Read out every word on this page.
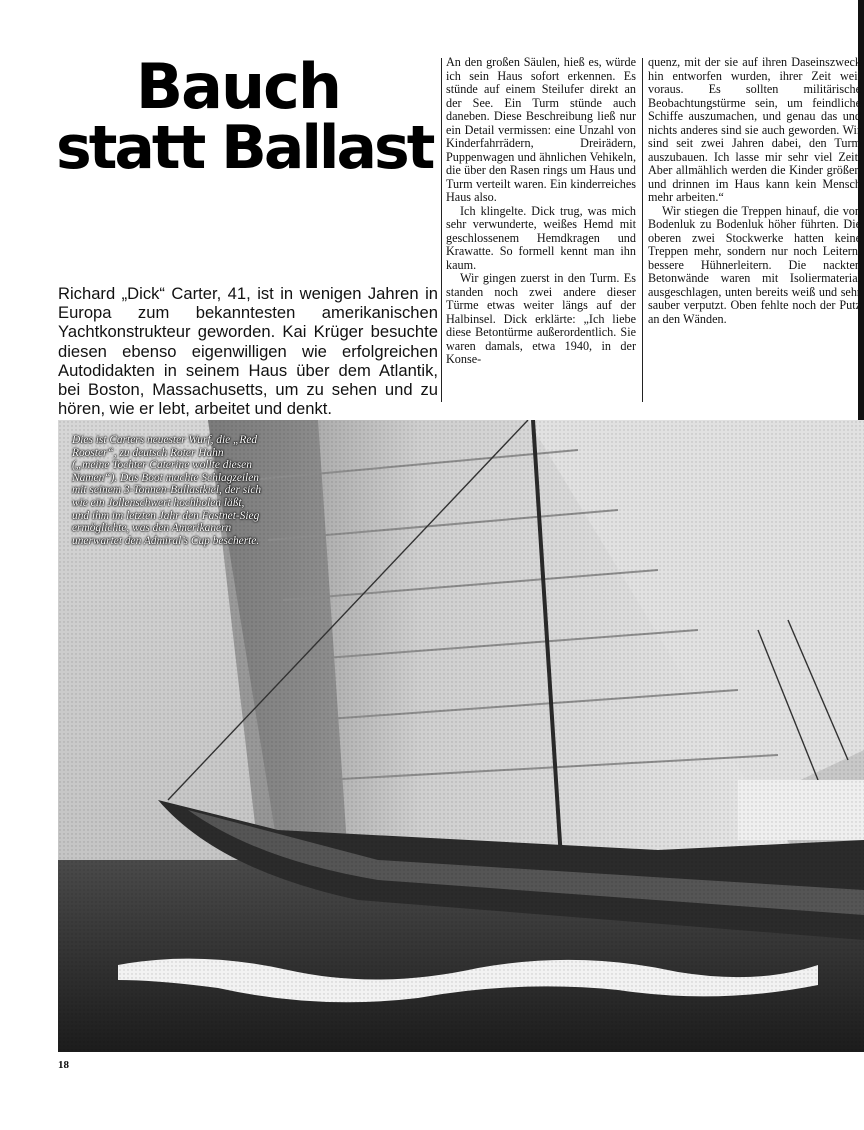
Bauch
statt Ballast

Richard „Dick“ Carter, 41, ist in wenigen Jahren in Europa zum bekanntesten amerikanischen Yachtkonstrukteur geworden. Kai Krüger besuchte diesen ebenso eigenwilligen wie erfolgreichen Autodidakten in seinem Haus über dem Atlantik, bei Boston, Massachusetts, um zu sehen und zu hören, wie er lebt, arbeitet und denkt.

An den großen Säulen, hieß es, würde ich sein Haus sofort erkennen. Es stünde auf einem Steilufer direkt an der See. Ein Turm stünde auch daneben. Diese Beschreibung ließ nur ein Detail vermissen: eine Unzahl von Kinderfahrrädern, Dreirädern, Puppenwagen und ähnlichen Vehikeln, die über den Rasen rings um Haus und Turm verteilt waren. Ein kinderreiches Haus also.

Ich klingelte. Dick trug, was mich sehr verwunderte, weißes Hemd mit geschlossenem Hemdkragen und Krawatte. So formell kennt man ihn kaum.

Wir gingen zuerst in den Turm. Es standen noch zwei andere dieser Türme etwas weiter längs auf der Halbinsel. Dick erklärte: „Ich liebe diese Betontürme außerordentlich. Sie waren damals, etwa 1940, in der Konse-

quenz, mit der sie auf ihren Daseinszweck hin entworfen wurden, ihrer Zeit weit voraus. Es sollten militärische Beobachtungstürme sein, um feindliche Schiffe auszumachen, und genau das und nichts anderes sind sie auch geworden. Wir sind seit zwei Jahren dabei, den Turm auszubauen. Ich lasse mir sehr viel Zeit. Aber allmählich werden die Kinder größer, und drinnen im Haus kann kein Mensch mehr arbeiten.“

Wir stiegen die Treppen hinauf, die von Bodenluk zu Bodenluk höher führten. Die oberen zwei Stockwerke hatten keine Treppen mehr, sondern nur noch Leitern, bessere Hühnerleitern. Die nackten Betonwände waren mit Isoliermaterial ausgeschlagen, unten bereits weiß und sehr sauber verputzt. Oben fehlte noch der Putz an den Wänden.

Dies ist Carters neuester Wurf, die „Red Rooster“, zu deutsch Roter Hahn („meine Tochter Caterine wollte diesen Namen“). Das Boot machte Schlagzeilen mit seinem 3-Tonnen-Ballastkiel, der sich wie ein Jollenschwert hochholen läßt, und ihm im letzten Jahr den Fastnet-Sieg ermöglichte, was den Amerikanern unerwartet den Admiral’s Cup bescherte.
18
